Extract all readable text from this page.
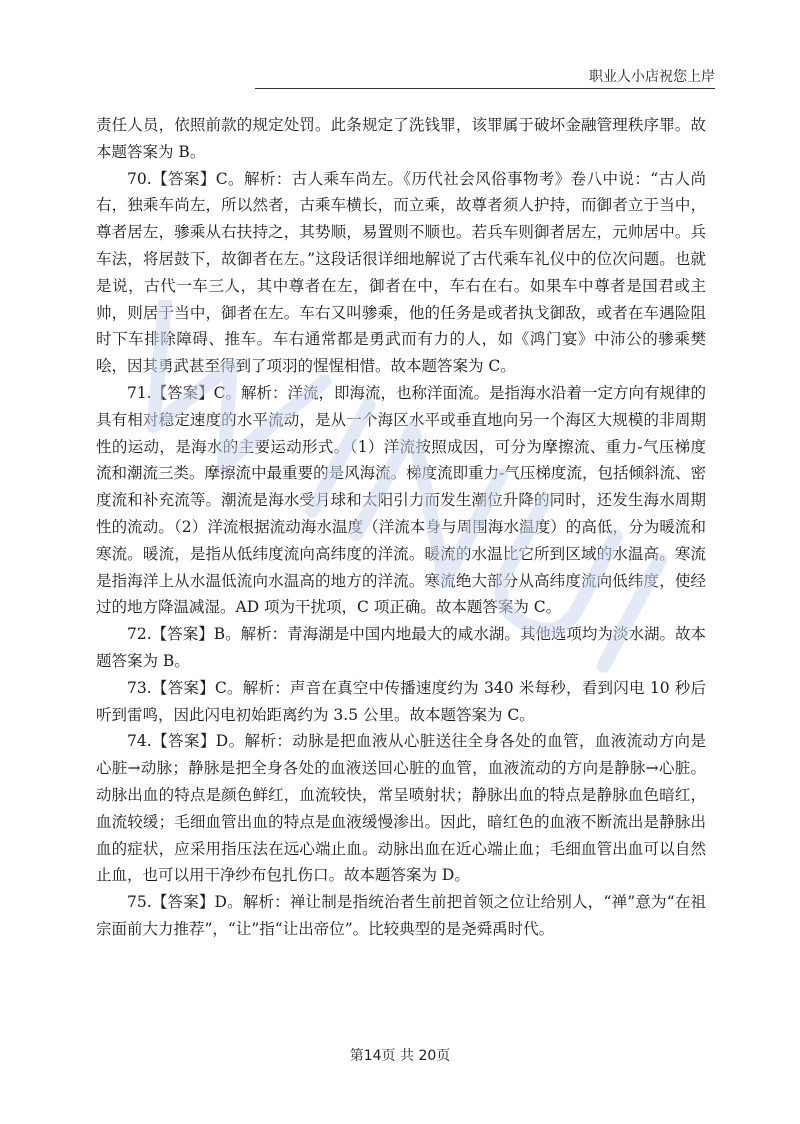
职业人小店祝您上岸

责任人员，依照前款的规定处罚。此条规定了洗钱罪，该罪属于破坏金融管理秩序罪。故本题答案为 B。

70.【答案】C。解析：古人乘车尚左。《历代社会风俗事物考》卷八中说：“古人尚右，独乘车尚左，所以然者，古乘车横长，而立乘，故尊者须人护持，而御者立于当中，尊者居左，骖乘从右扶持之，其势顺，易置则不顺也。若兵车则御者居左，元帅居中。兵车法，将居鼓下，故御者在左。”这段话很详细地解说了古代乘车礼仪中的位次问题。也就是说，古代一车三人，其中尊者在左，御者在中，车右在右。如果车中尊者是国君或主帅，则居于当中，御者在左。车右又叫骖乘，他的任务是或者执戈御敌，或者在车遇险阻时下车排除障碍、推车。车右通常都是勇武而有力的人，如《鸿门宴》中沛公的骖乘樊哙，因其勇武甚至得到了项羽的惺惺相惜。故本题答案为 C。

71.【答案】C。解析：洋流，即海流，也称洋面流。是指海水沿着一定方向有规律的具有相对稳定速度的水平流动，是从一个海区水平或垂直地向另一个海区大规模的非周期性的运动，是海水的主要运动形式。（1）洋流按照成因，可分为摩擦流、重力-气压梯度流和潮流三类。摩擦流中最重要的是风海流。梯度流即重力-气压梯度流，包括倾斜流、密度流和补充流等。潮流是海水受月球和太阳引力而发生潮位升降的同时，还发生海水周期性的流动。（2）洋流根据流动海水温度（洋流本身与周围海水温度）的高低，分为暖流和寒流。暖流，是指从低纬度流向高纬度的洋流。暖流的水温比它所到区域的水温高。寒流是指海洋上从水温低流向水温高的地方的洋流。寒流绝大部分从高纬度流向低纬度，使经过的地方降温减湿。AD 项为干扰项，C 项正确。故本题答案为 C。

72.【答案】B。解析：青海湖是中国内地最大的咸水湖。其他选项均为淡水湖。故本题答案为 B。

73.【答案】C。解析：声音在真空中传播速度约为 340 米每秒，看到闪电 10 秒后听到雷鸣，因此闪电初始距离约为 3.5 公里。故本题答案为 C。

74.【答案】D。解析：动脉是把血液从心脏送往全身各处的血管，血液流动方向是心脏→动脉；静脉是把全身各处的血液送回心脏的血管，血液流动的方向是静脉→心脏。动脉出血的特点是颜色鲜红，血流较快，常呈喷射状；静脉出血的特点是静脉血色暗红，血流较缓；毛细血管出血的特点是血液缓慢渗出。因此，暗红色的血液不断流出是静脉出血的症状，应采用指压法在远心端止血。动脉出血在近心端止血；毛细血管出血可以自然止血，也可以用干净纱布包扎伤口。故本题答案为 D。

75.【答案】D。解析：禅让制是指统治者生前把首领之位让给别人，“禅”意为“在祖宗面前大力推荐”，“让”指“让出帝位”。比较典型的是尧舜禹时代。

第14页 共 20页
